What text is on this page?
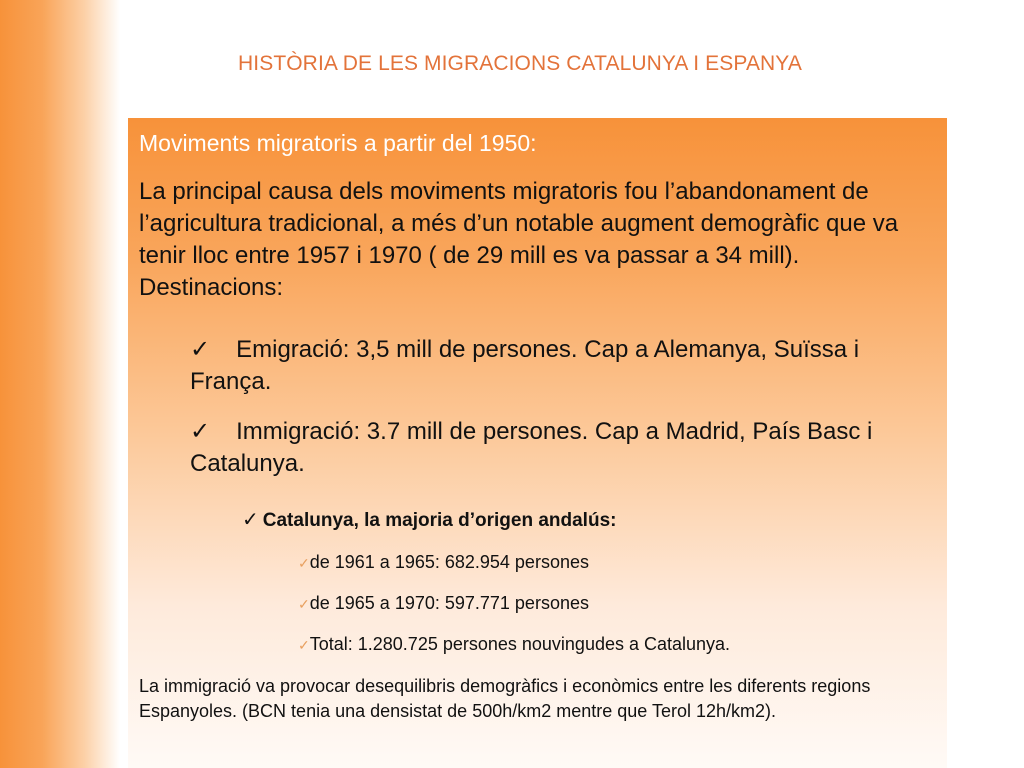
HISTÒRIA DE LES MIGRACIONS CATALUNYA I ESPANYA
Moviments migratoris a partir del 1950:
La principal causa dels moviments migratoris fou l’abandonament de l’agricultura tradicional, a més d’un notable augment demogràfic que va tenir lloc entre 1957 i 1970 ( de 29 mill es va passar a 34 mill). Destinacions:
✓ Emigració: 3,5 mill de persones. Cap a Alemanya, Suïssa i França.
✓ Immigració: 3.7 mill de persones. Cap a Madrid, País Basc i Catalunya.
✓ Catalunya, la majoria d’origen andalús:
✓de 1961 a 1965: 682.954 persones
✓de 1965 a 1970: 597.771 persones
✓Total: 1.280.725 persones nouvingudes a Catalunya.
La immigració va provocar desequilibris demogràfics i econòmics entre les diferents regions Espanyoles. (BCN tenia una densistat de 500h/km2 mentre que Terol 12h/km2).
